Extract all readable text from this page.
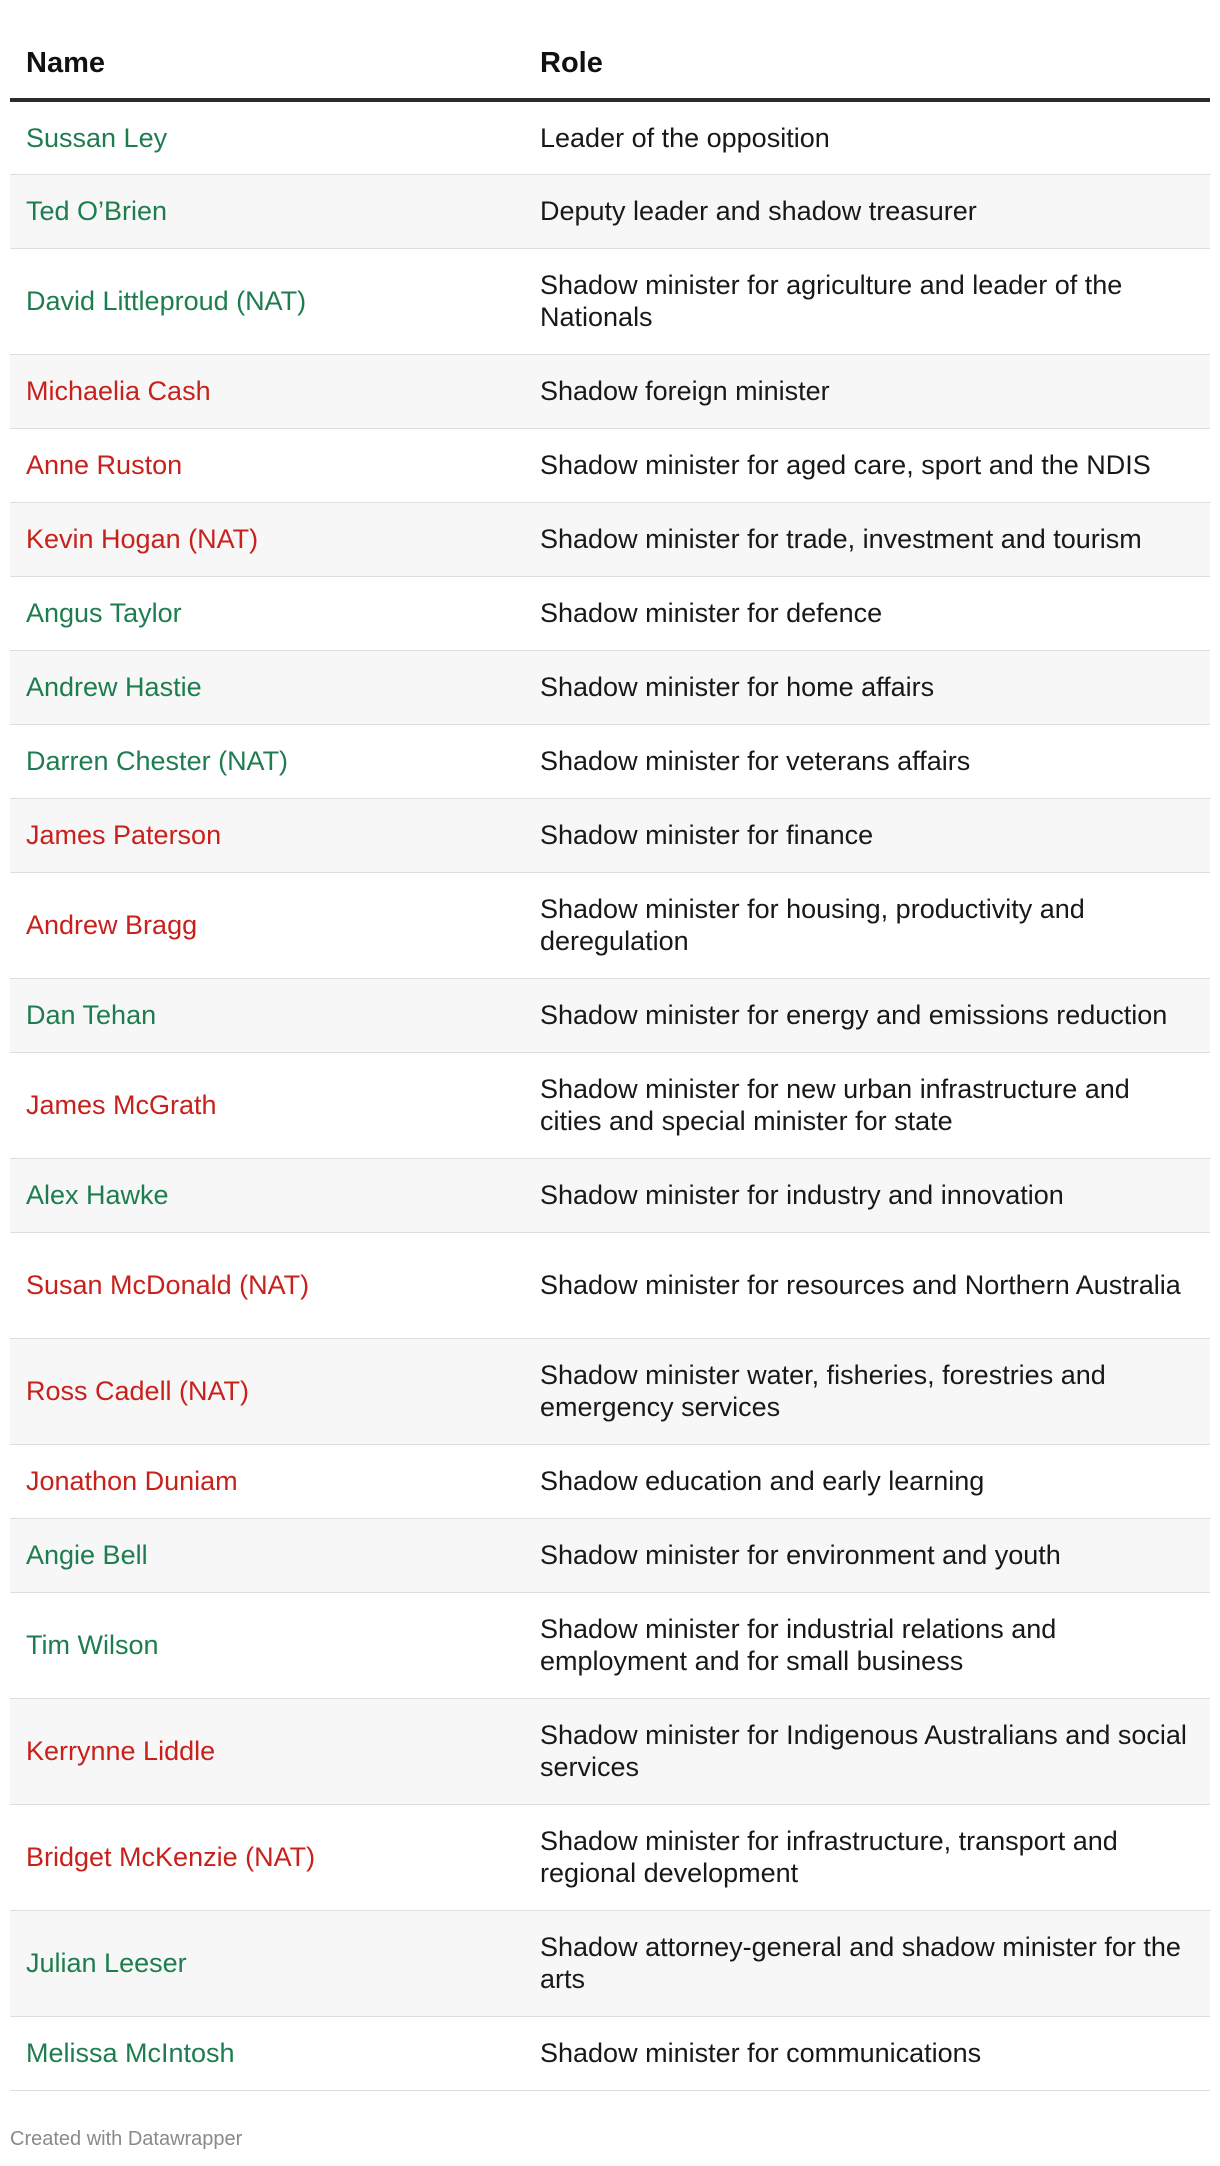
Name	Role
Sussan Ley	Leader of the opposition
Ted O’Brien	Deputy leader and shadow treasurer
David Littleproud (NAT)	Shadow minister for agriculture and leader of the Nationals
Michaelia Cash	Shadow foreign minister
Anne Ruston	Shadow minister for aged care, sport and the NDIS
Kevin Hogan (NAT)	Shadow minister for trade, investment and tourism
Angus Taylor	Shadow minister for defence
Andrew Hastie	Shadow minister for home affairs
Darren Chester (NAT)	Shadow minister for veterans affairs
James Paterson	Shadow minister for finance
Andrew Bragg	Shadow minister for housing, productivity and deregulation
Dan Tehan	Shadow minister for energy and emissions reduction
James McGrath	Shadow minister for new urban infrastructure and cities and special minister for state
Alex Hawke	Shadow minister for industry and innovation
Susan McDonald (NAT)	Shadow minister for resources and Northern Australia
Ross Cadell (NAT)	Shadow minister water, fisheries, forestries and emergency services
Jonathon Duniam	Shadow education and early learning
Angie Bell	Shadow minister for environment and youth
Tim Wilson	Shadow minister for industrial relations and employment and for small business
Kerrynne Liddle	Shadow minister for Indigenous Australians and social services
Bridget McKenzie (NAT)	Shadow minister for infrastructure, transport and regional development
Julian Leeser	Shadow attorney-general and shadow minister for the arts
Melissa McIntosh	Shadow minister for communications
Created with Datawrapper
